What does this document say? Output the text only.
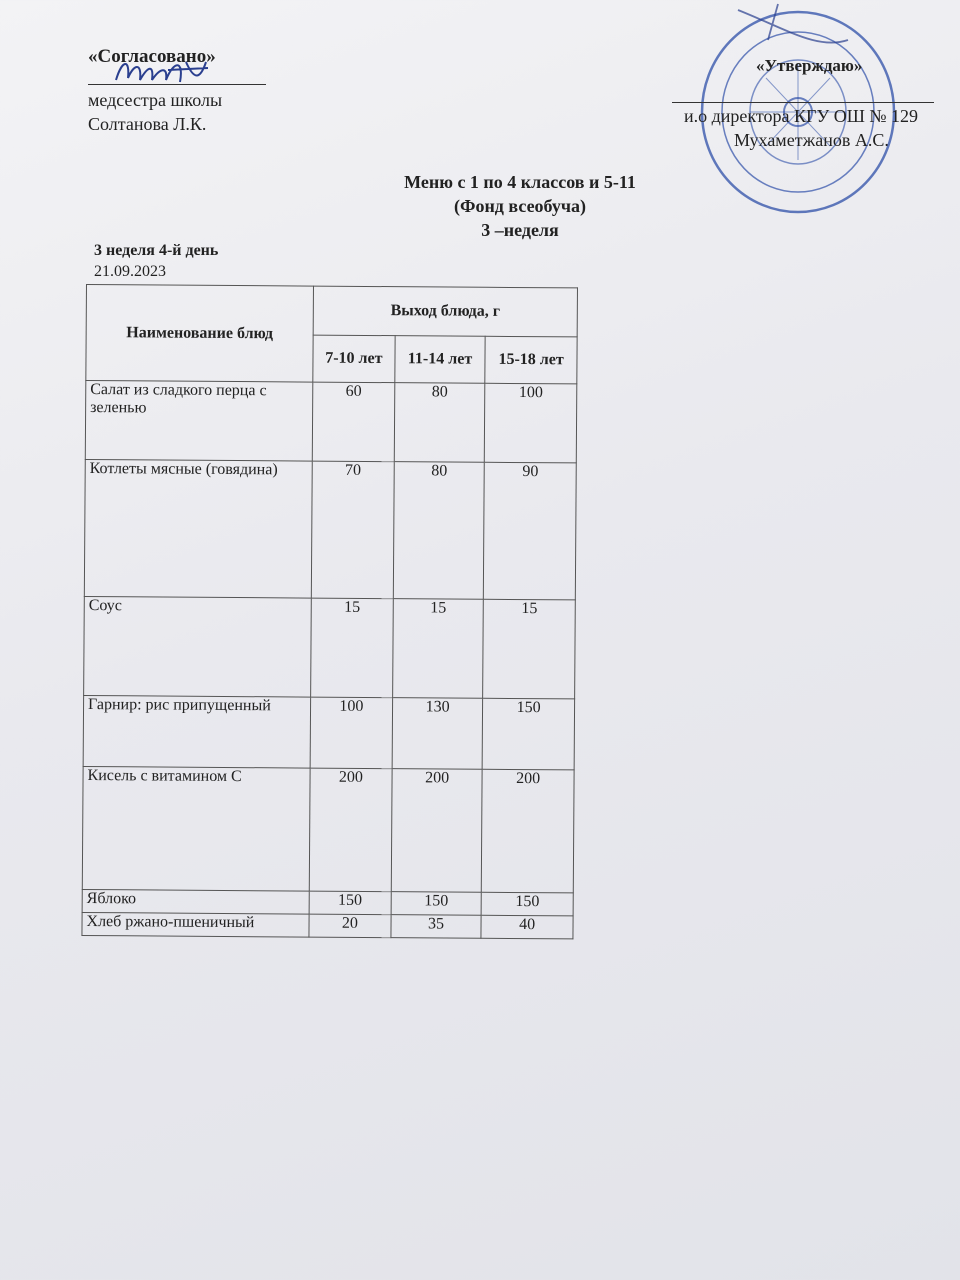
«Согласовано»
медсестра школы
Солтанова Л.К.
«Утверждаю»
и.о директора КГУ ОШ № 129
Мухаметжанов А.С.
Меню с 1 по 4 классов и 5-11
(Фонд всеобуча)
3 –неделя
3 неделя 4-й день
21.09.2023
Наименование блюд	Выход блюда, г		
	7-10 лет	11-14 лет	15-18 лет
Салат из сладкого перца с зеленью	60	80	100
Котлеты мясные (говядина)	70	80	90
Соус	15	15	15
Гарнир: рис припущенный	100	130	150
Кисель с витамином С	200	200	200
Яблоко	150	150	150
Хлеб ржано-пшеничный	20	35	40
